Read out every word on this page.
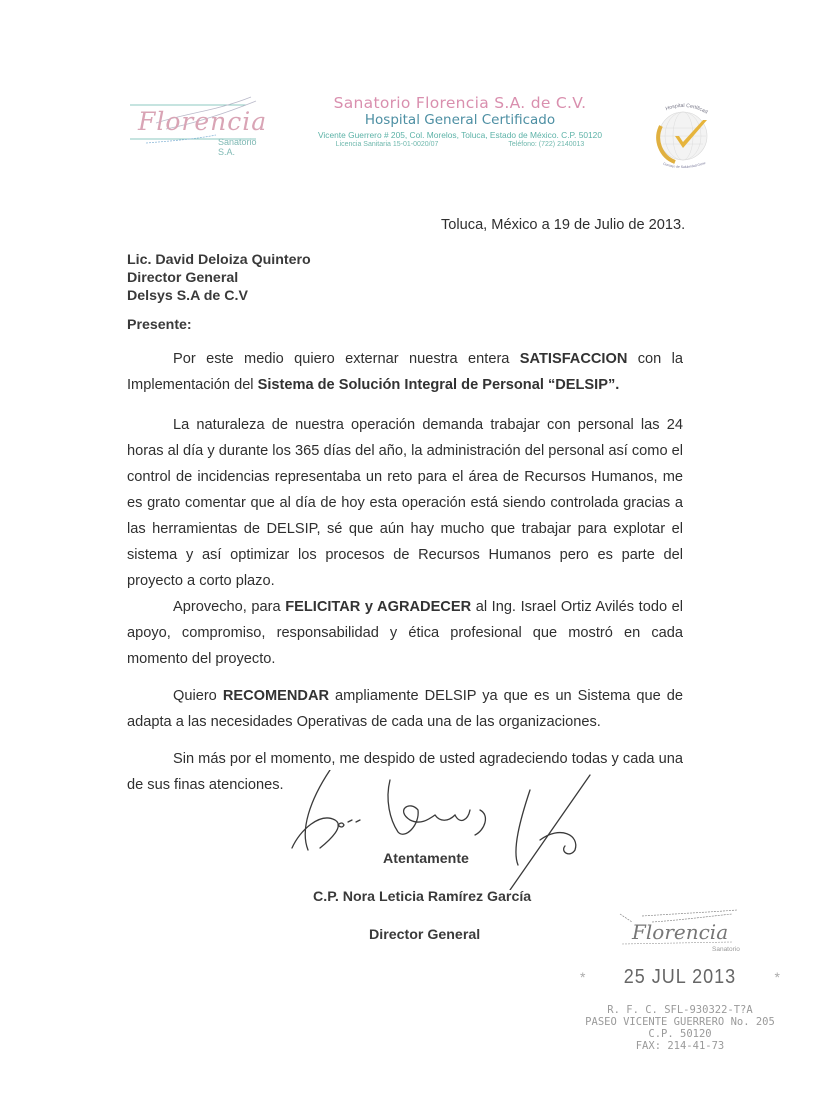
Florencia
Sanatorio S.A.
Sanatorio Florencia S.A. de C.V.
Hospital General Certificado
Vicente Guerrero # 205, Col. Morelos, Toluca, Estado de México. C.P. 50120
Licencia Sanitaria 15-01-0020/07	Teléfono: (722) 2140013
Hospital Certificad
Consejo de Salubridad Gene
Toluca, México a 19 de Julio de 2013.
Lic. David Deloiza Quintero
Director General
Delsys S.A de C.V
Presente:
Por este medio quiero externar nuestra entera SATISFACCION con la Implementación del Sistema de Solución Integral de Personal “DELSIP”.
La naturaleza de nuestra operación demanda trabajar con personal las 24 horas al día y durante los 365 días del año, la administración del personal así como el control de incidencias representaba un reto para el área de Recursos Humanos, me es grato comentar que al día de hoy esta operación está siendo controlada gracias a las herramientas de DELSIP, sé que aún hay mucho que trabajar para explotar el sistema y así optimizar los procesos de Recursos Humanos pero es parte del proyecto a corto plazo.
Aprovecho, para FELICITAR y AGRADECER al Ing. Israel Ortiz Avilés todo el apoyo, compromiso, responsabilidad y ética profesional que mostró en cada momento del proyecto.
Quiero RECOMENDAR ampliamente DELSIP ya que es un Sistema que de adapta a las necesidades Operativas de cada una de las organizaciones.
Sin más por el momento, me despido de usted agradeciendo todas y cada una de sus finas atenciones.
Atentamente
C.P. Nora Leticia Ramírez García
Director General	Florencia
Sanatorio
* 25 JUL 2013	*
R. F. C. SFL-930322-T?A
PASEO VICENTE GUERRERO No. 205
C.P. 50120
FAX: 214-41-73
